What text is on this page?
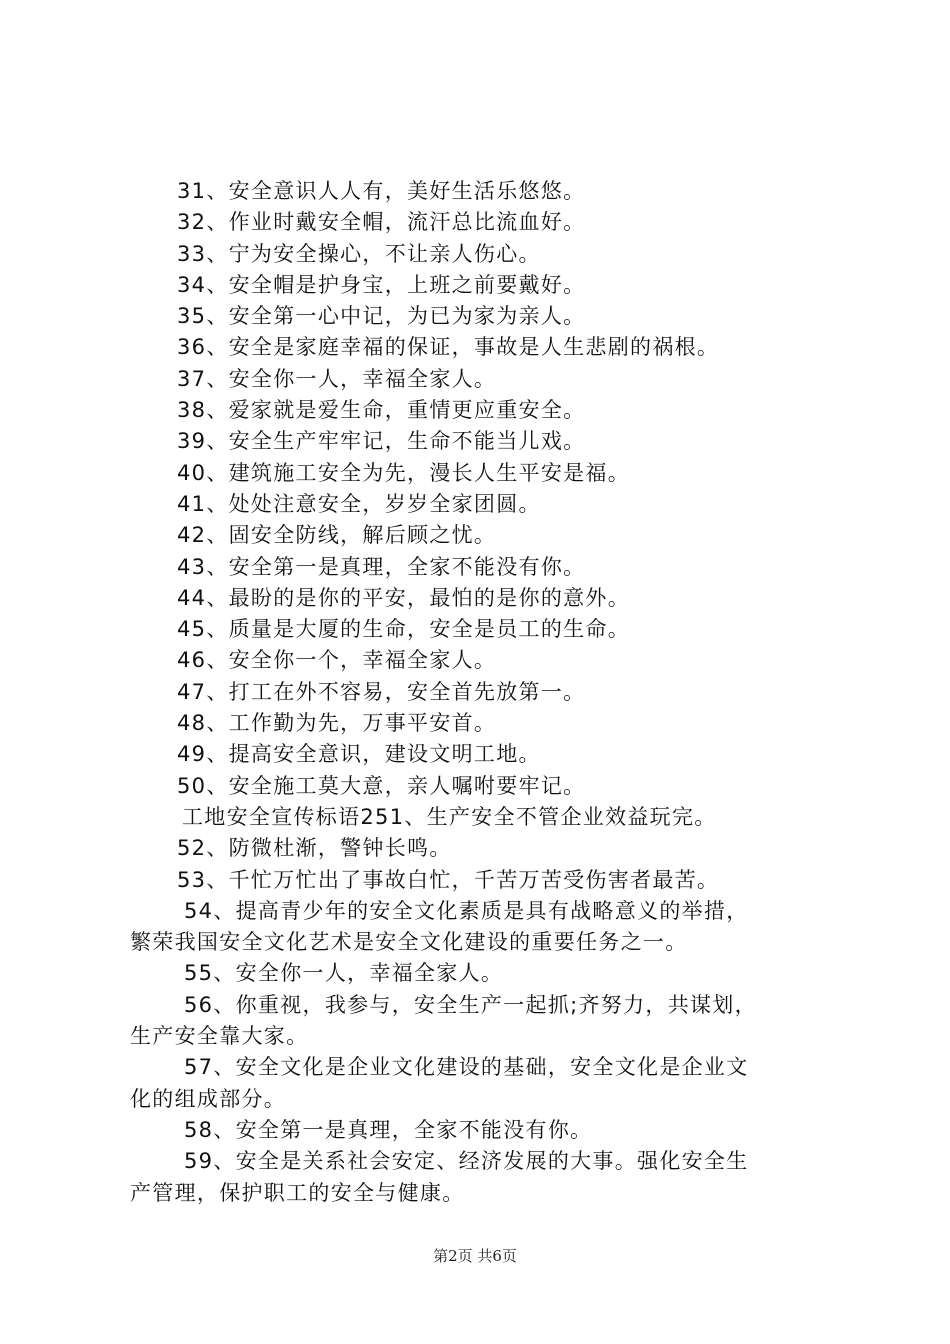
31、安全意识人人有，美好生活乐悠悠。
32、作业时戴安全帽，流汗总比流血好。
33、宁为安全操心，不让亲人伤心。
34、安全帽是护身宝，上班之前要戴好。
35、安全第一心中记，为已为家为亲人。
36、安全是家庭幸福的保证，事故是人生悲剧的祸根。
37、安全你一人，幸福全家人。
38、爱家就是爱生命，重情更应重安全。
39、安全生产牢牢记，生命不能当儿戏。
40、建筑施工安全为先，漫长人生平安是福。
41、处处注意安全，岁岁全家团圆。
42、固安全防线，解后顾之忧。
43、安全第一是真理，全家不能没有你。
44、最盼的是你的平安，最怕的是你的意外。
45、质量是大厦的生命，安全是员工的生命。
46、安全你一个，幸福全家人。
47、打工在外不容易，安全首先放第一。
48、工作勤为先，万事平安首。
49、提高安全意识，建设文明工地。
50、安全施工莫大意，亲人嘱咐要牢记。
工地安全宣传标语251、生产安全不管企业效益玩完。
52、防微杜渐，警钟长鸣。
53、千忙万忙出了事故白忙，千苦万苦受伤害者最苦。
54、提高青少年的安全文化素质是具有战略意义的举措，
繁荣我国安全文化艺术是安全文化建设的重要任务之一。
55、安全你一人，幸福全家人。
56、你重视，我参与，安全生产一起抓;齐努力，共谋划，
生产安全靠大家。
57、安全文化是企业文化建设的基础，安全文化是企业文
化的组成部分。
58、安全第一是真理，全家不能没有你。
59、安全是关系社会安定、经济发展的大事。强化安全生
产管理，保护职工的安全与健康。
第2页 共6页
